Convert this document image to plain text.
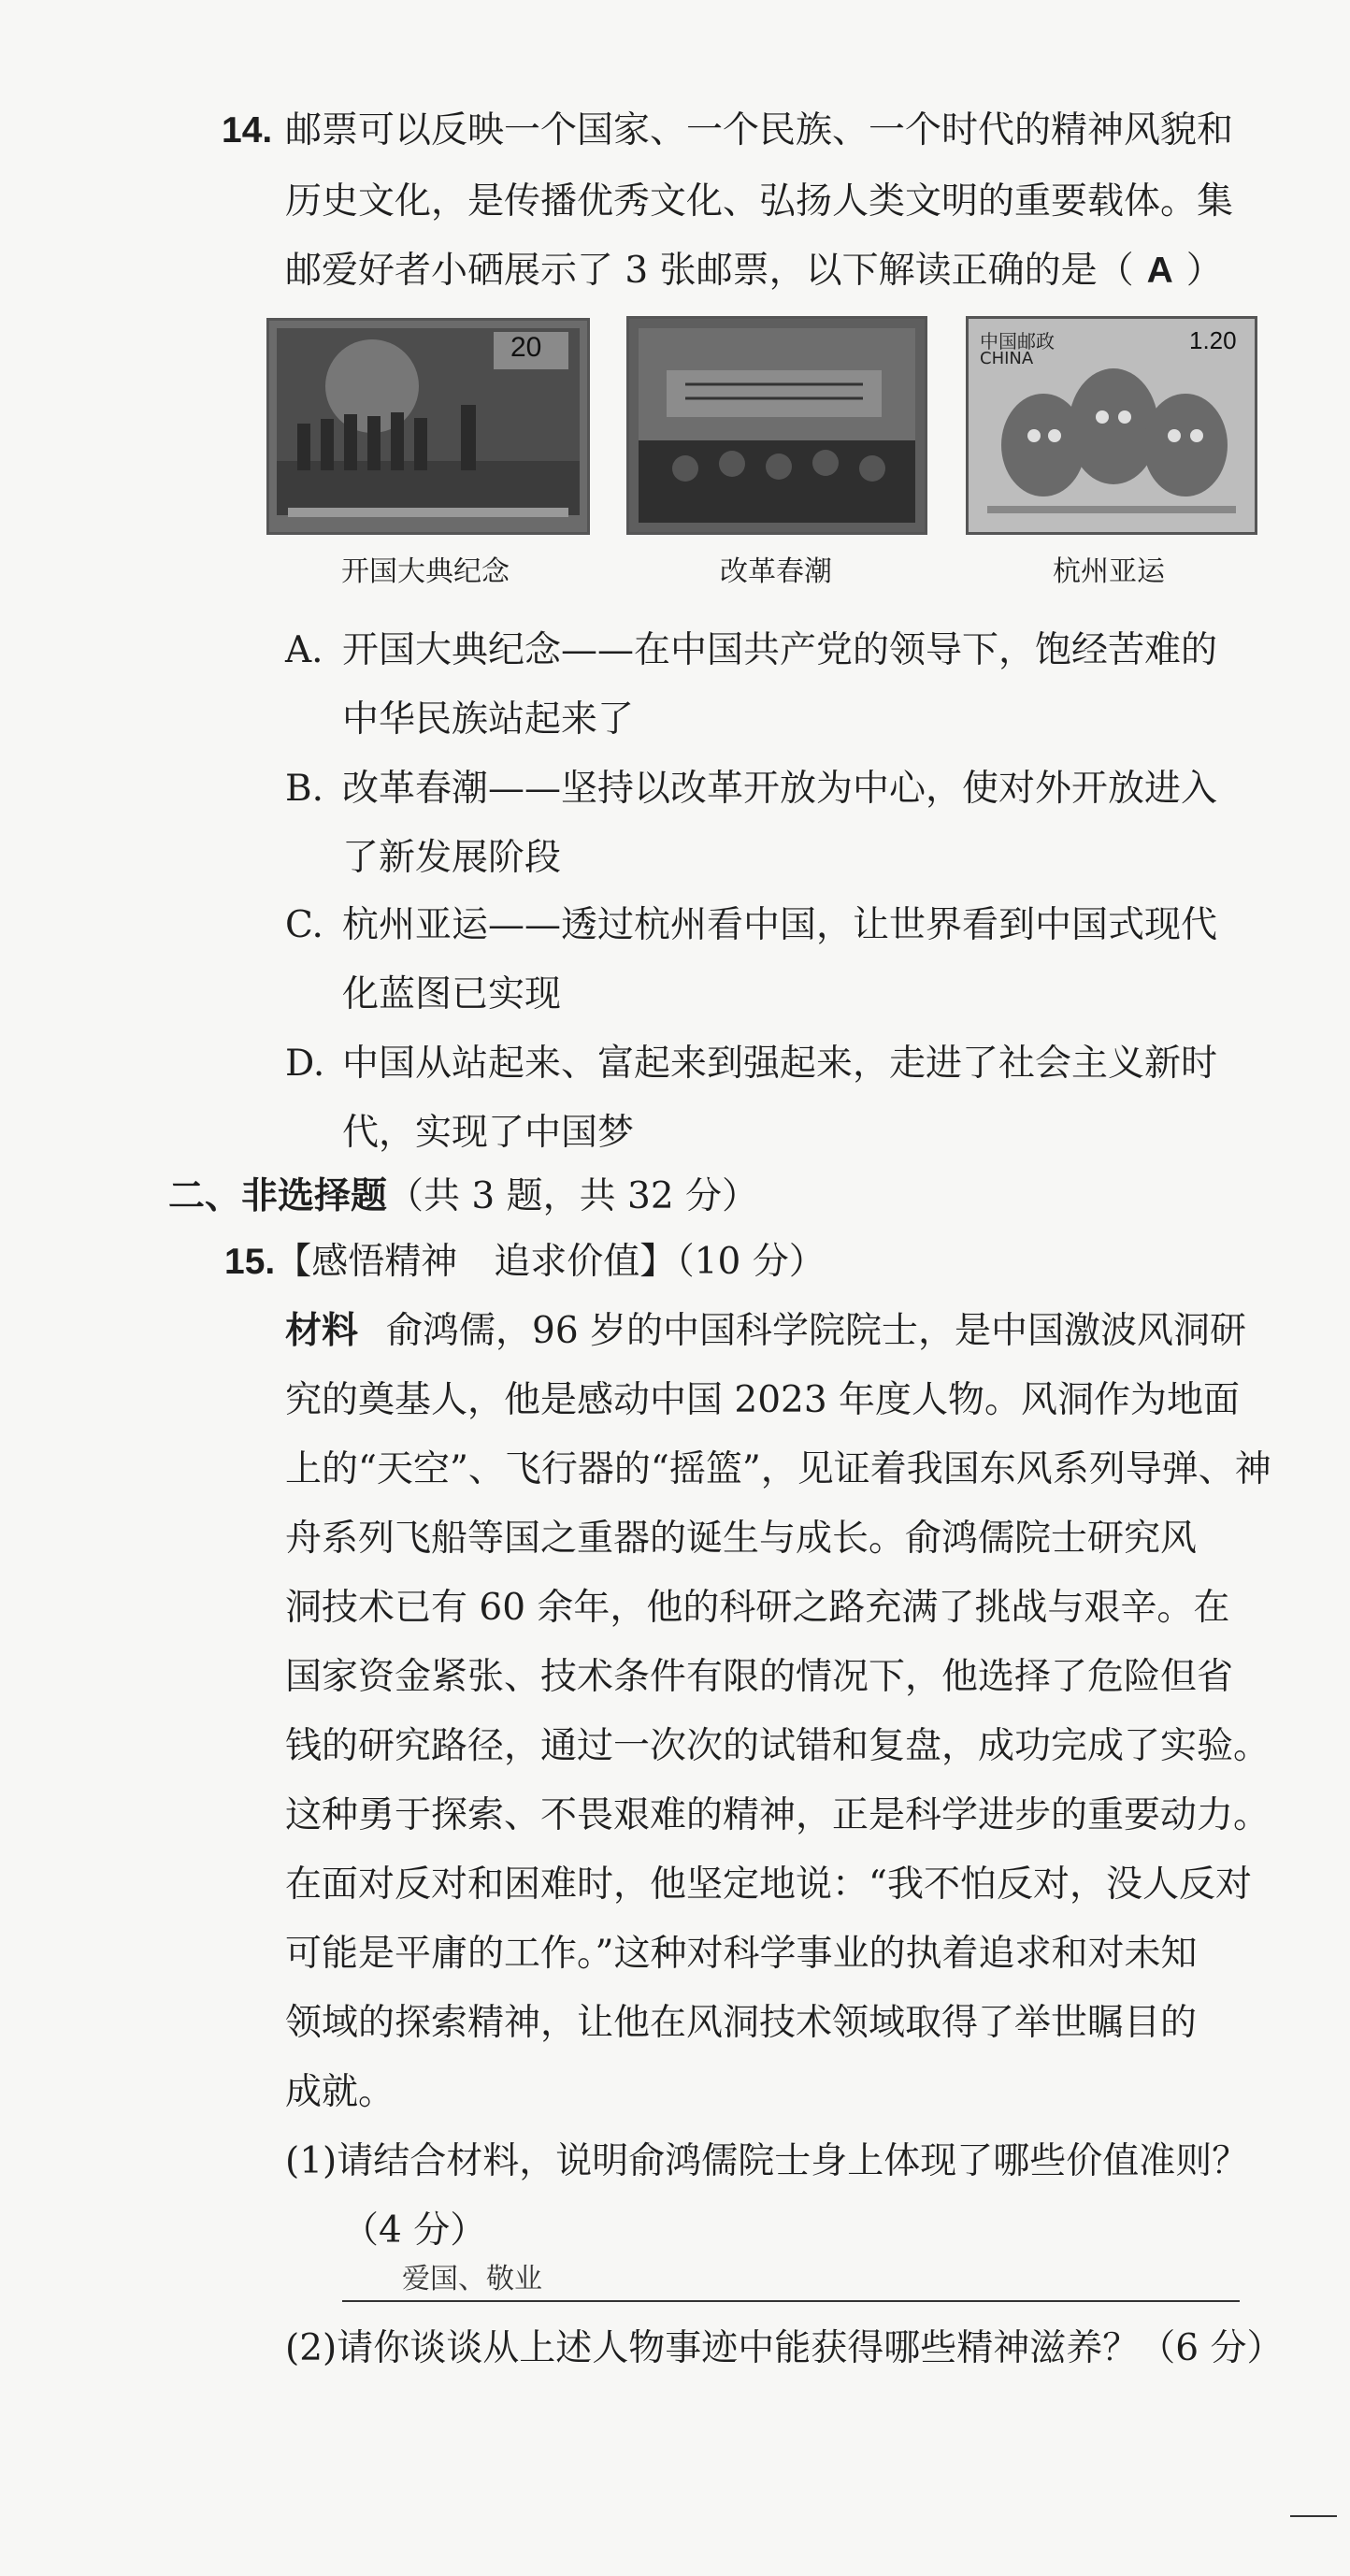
14. 邮票可以反映一个国家、一个民族、一个时代的精神风貌和
历史文化，是传播优秀文化、弘扬人类文明的重要载体。集
邮爱好者小硒展示了 3 张邮票，以下解读正确的是（ A ）
20
开国大典纪念	改革春潮
中国邮政
CHINA
1.20
杭州亚运
A. 开国大典纪念——在中国共产党的领导下，饱经苦难的
中华民族站起来了
B. 改革春潮——坚持以改革开放为中心，使对外开放进入
了新发展阶段
C. 杭州亚运——透过杭州看中国，让世界看到中国式现代
化蓝图已实现
D. 中国从站起来、富起来到强起来，走进了社会主义新时
代，实现了中国梦
二、非选择题（共 3 题，共 32 分）
15.【感悟精神　追求价值】（10 分）
材料 俞鸿儒，96 岁的中国科学院院士，是中国激波风洞研
究的奠基人，他是感动中国 2023 年度人物。风洞作为地面
上的“天空”、飞行器的“摇篮”，见证着我国东风系列导弹、神
舟系列飞船等国之重器的诞生与成长。俞鸿儒院士研究风
洞技术已有 60 余年，他的科研之路充满了挑战与艰辛。在
国家资金紧张、技术条件有限的情况下，他选择了危险但省
钱的研究路径，通过一次次的试错和复盘，成功完成了实验。
这种勇于探索、不畏艰难的精神，正是科学进步的重要动力。
在面对反对和困难时，他坚定地说：“我不怕反对，没人反对
可能是平庸的工作。”这种对科学事业的执着追求和对未知
领域的探索精神，让他在风洞技术领域取得了举世瞩目的
成就。
(1)请结合材料，说明俞鸿儒院士身上体现了哪些价值准则？
（4 分）
爱国、敬业
(2)请你谈谈从上述人物事迹中能获得哪些精神滋养？（6 分）
